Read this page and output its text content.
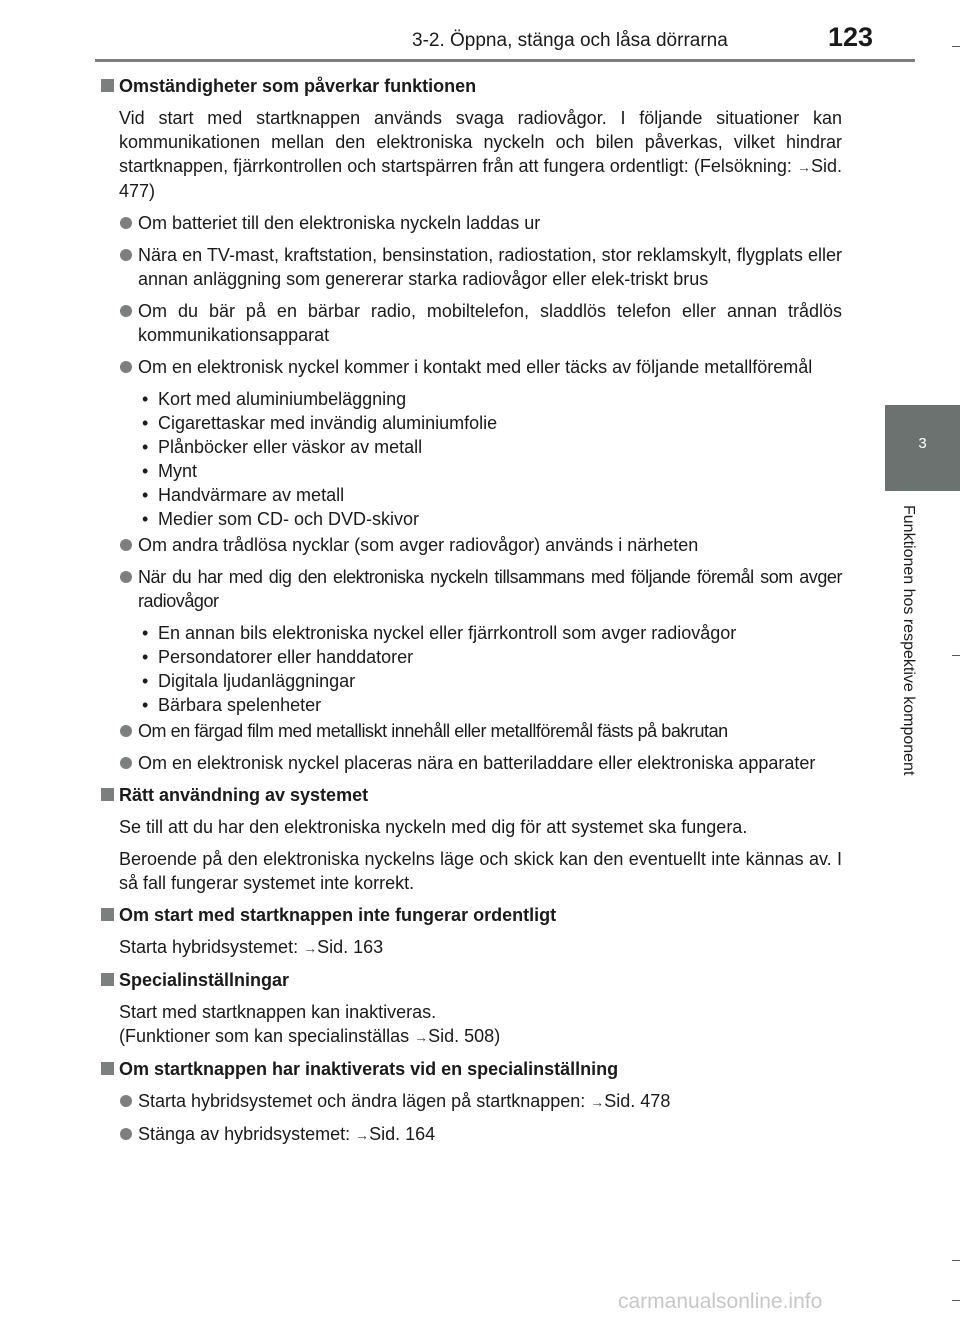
3-2. Öppna, stänga och låsa dörrarna	123
3
Funktionen hos respektive komponent
Omständigheter som påverkar funktionen
Vid start med startknappen används svaga radiovågor. I följande situationer kan kommunikationen mellan den elektroniska nyckeln och bilen påverkas, vilket hindrar startknappen, fjärrkontrollen och startspärren från att fungera ordentligt: (Felsökning: →Sid. 477)
Om batteriet till den elektroniska nyckeln laddas ur
Nära en TV-mast, kraftstation, bensinstation, radiostation, stor reklamskylt, flygplats eller annan anläggning som genererar starka radiovågor eller elek-triskt brus
Om du bär på en bärbar radio, mobiltelefon, sladdlös telefon eller annan trådlös kommunikationsapparat
Om en elektronisk nyckel kommer i kontakt med eller täcks av följande metallföremål
• Kort med aluminiumbeläggning
• Cigarettaskar med invändig aluminiumfolie
• Plånböcker eller väskor av metall
• Mynt
• Handvärmare av metall
• Medier som CD- och DVD-skivor
Om andra trådlösa nycklar (som avger radiovågor) används i närheten
När du har med dig den elektroniska nyckeln tillsammans med följande föremål som avger radiovågor
• En annan bils elektroniska nyckel eller fjärrkontroll som avger radiovågor
• Persondatorer eller handdatorer
• Digitala ljudanläggningar
• Bärbara spelenheter
Om en färgad film med metalliskt innehåll eller metallföremål fästs på bakrutan
Om en elektronisk nyckel placeras nära en batteriladdare eller elektroniska apparater
Rätt användning av systemet
Se till att du har den elektroniska nyckeln med dig för att systemet ska fungera.
Beroende på den elektroniska nyckelns läge och skick kan den eventuellt inte kännas av. I så fall fungerar systemet inte korrekt.
Om start med startknappen inte fungerar ordentligt
Starta hybridsystemet: →Sid. 163
Specialinställningar
Start med startknappen kan inaktiveras.
(Funktioner som kan specialinställas →Sid. 508)
Om startknappen har inaktiverats vid en specialinställning
Starta hybridsystemet och ändra lägen på startknappen: →Sid. 478
Stänga av hybridsystemet: →Sid. 164
carmanualsonline.info
